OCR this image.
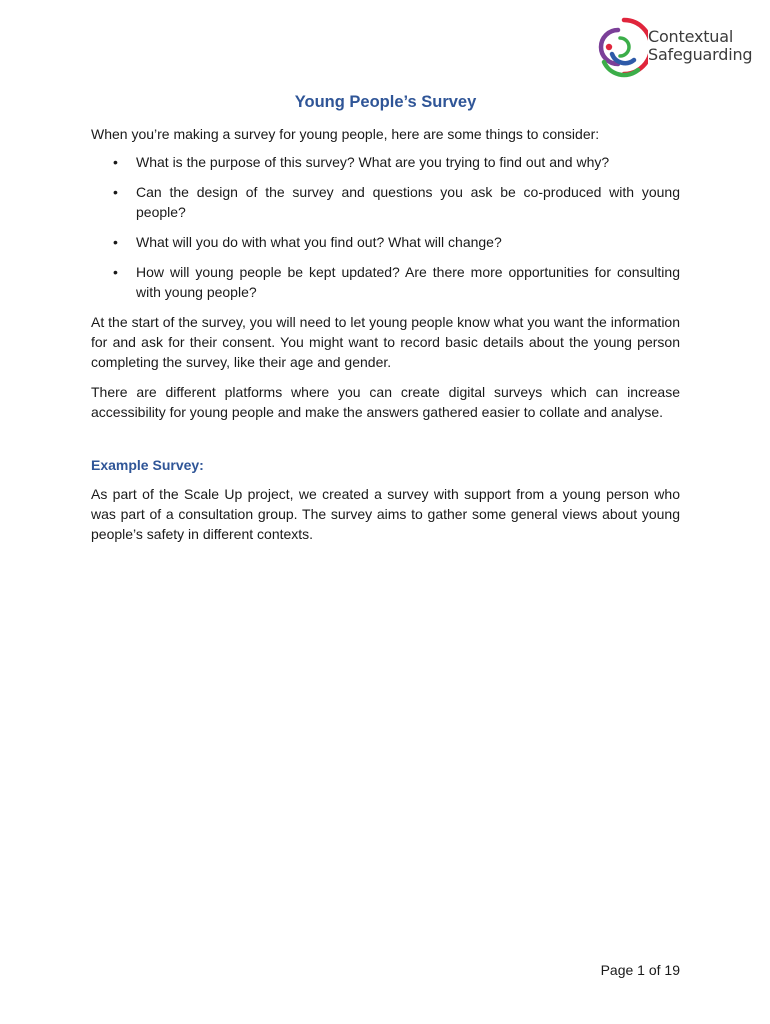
Contextual
Safeguarding
Young People’s Survey

When you’re making a survey for young people, here are some things to consider:

• What is the purpose of this survey? What are you trying to find out and why?
• Can the design of the survey and questions you ask be co-produced with young people?
• What will you do with what you find out? What will change?
• How will young people be kept updated? Are there more opportunities for consulting with young people?

At the start of the survey, you will need to let young people know what you want the information for and ask for their consent. You might want to record basic details about the young person completing the survey, like their age and gender.

There are different platforms where you can create digital surveys which can increase accessibility for young people and make the answers gathered easier to collate and analyse.

Example Survey:

As part of the Scale Up project, we created a survey with support from a young person who was part of a consultation group. The survey aims to gather some general views about young people’s safety in different contexts.

Page 1 of 19
